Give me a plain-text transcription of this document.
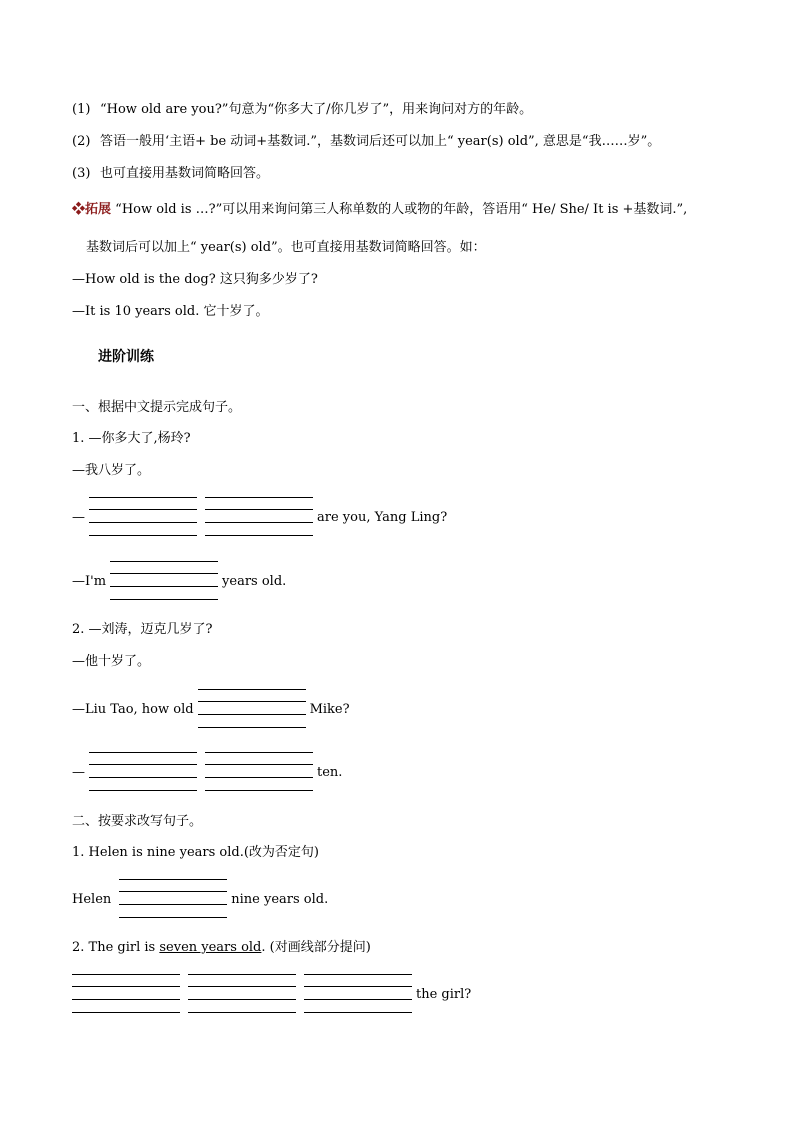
(1) “How old are you?”句意为“你多大了/你几岁了”，用来询问对方的年龄。
(2) 答语一般用‘主语+ be 动词+基数词.”，基数词后还可以加上“ year(s) old”, 意思是“我……岁”。
(3) 也可直接用基数词简略回答。
❖拓展 “How old is …?”可以用来询问第三人称单数的人或物的年龄，答语用“ He/ She/ It is +基数词.”,
基数词后可以加上“ year(s) old”。也可直接用基数词简略回答。如：
—How old is the dog? 这只狗多少岁了?
—It is 10 years old. 它十岁了。
进阶训练
一、根据中文提示完成句子。
1. —你多大了,杨玲?
—我八岁了。
—	are you, Yang Ling?
—I'm	years old.
2. —刘涛，迈克几岁了?
—他十岁了。
—Liu Tao, how old	Mike?
—	ten.
二、按要求改写句子。
1. Helen is nine years old.(改为否定句)
Helen	nine years old.
2. The girl is seven years old. (对画线部分提问)
the girl?
